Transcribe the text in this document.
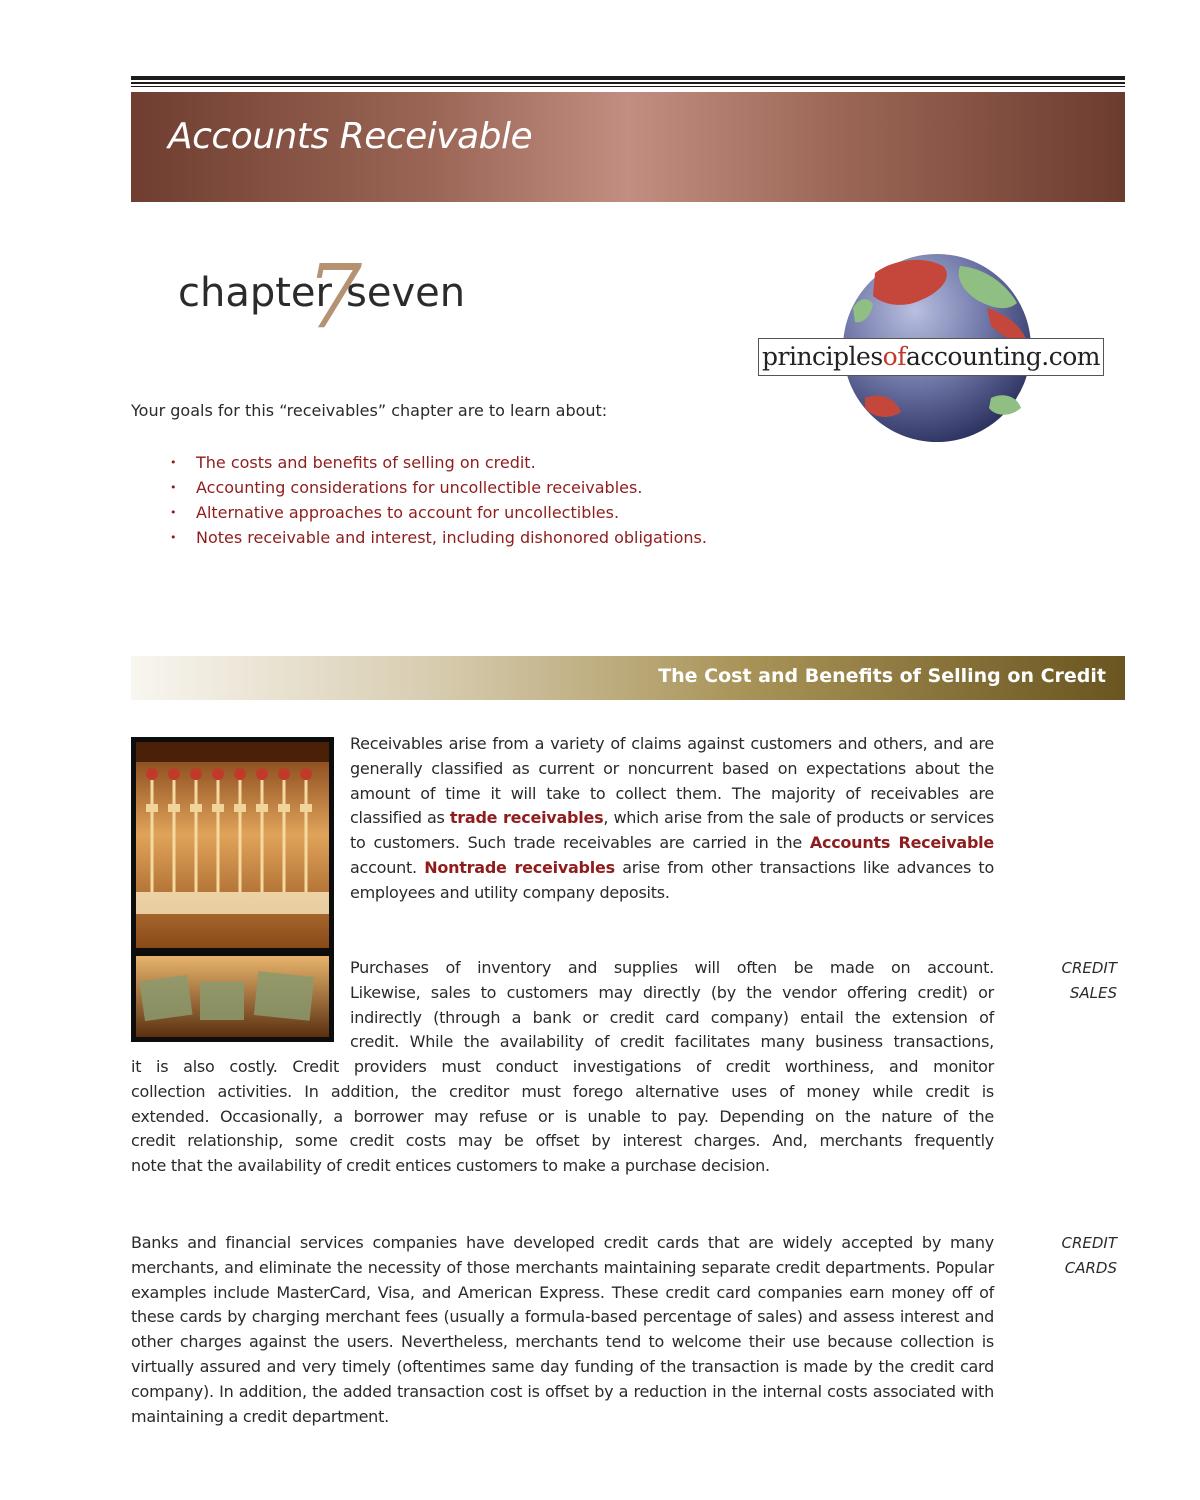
Accounts Receivable
7
chapter seven
principlesofaccounting.com

Your goals for this “receivables” chapter are to learn about:

• The costs and benefits of selling on credit.
• Accounting considerations for uncollectible receivables.
• Alternative approaches to account for uncollectibles.
• Notes receivable and interest, including dishonored obligations.
The Cost and Benefits of Selling on Credit

Receivables arise from a variety of claims against customers and others, and are generally classified as current or noncurrent based on expectations about the amount of time it will take to collect them. The majority of receivables are classified as trade receivables, which arise from the sale of products or services to customers. Such trade receivables are carried in the Accounts Receivable account. Nontrade receivables arise from other transactions like advances to employees and utility company deposits.

Purchases of inventory and supplies will often be made on account.

Likewise, sales to customers may directly (by the vendor offering credit) or

indirectly (through a bank or credit card company) entail the extension of

credit. While the availability of credit facilitates many business transactions,

it is also costly. Credit providers must conduct investigations of credit worthiness, and monitor

collection activities. In addition, the creditor must forego alternative uses of money while credit is

extended. Occasionally, a borrower may refuse or is unable to pay. Depending on the nature of the

credit relationship, some credit costs may be offset by interest charges. And, merchants frequently

note that the availability of credit entices customers to make a purchase decision.

Banks and financial services companies have developed credit cards that are widely accepted by many merchants, and eliminate the necessity of those merchants maintaining separate credit departments. Popular examples include MasterCard, Visa, and American Express. These credit card companies earn money off of these cards by charging merchant fees (usually a formula-based percentage of sales) and assess interest and other charges against the users. Nevertheless, merchants tend to welcome their use because collection is virtually assured and very timely (oftentimes same day funding of the transaction is made by the credit card company). In addition, the added transaction cost is offset by a reduction in the internal costs associated with maintaining a credit department.

CREDIT
SALES

CREDIT
CARDS
